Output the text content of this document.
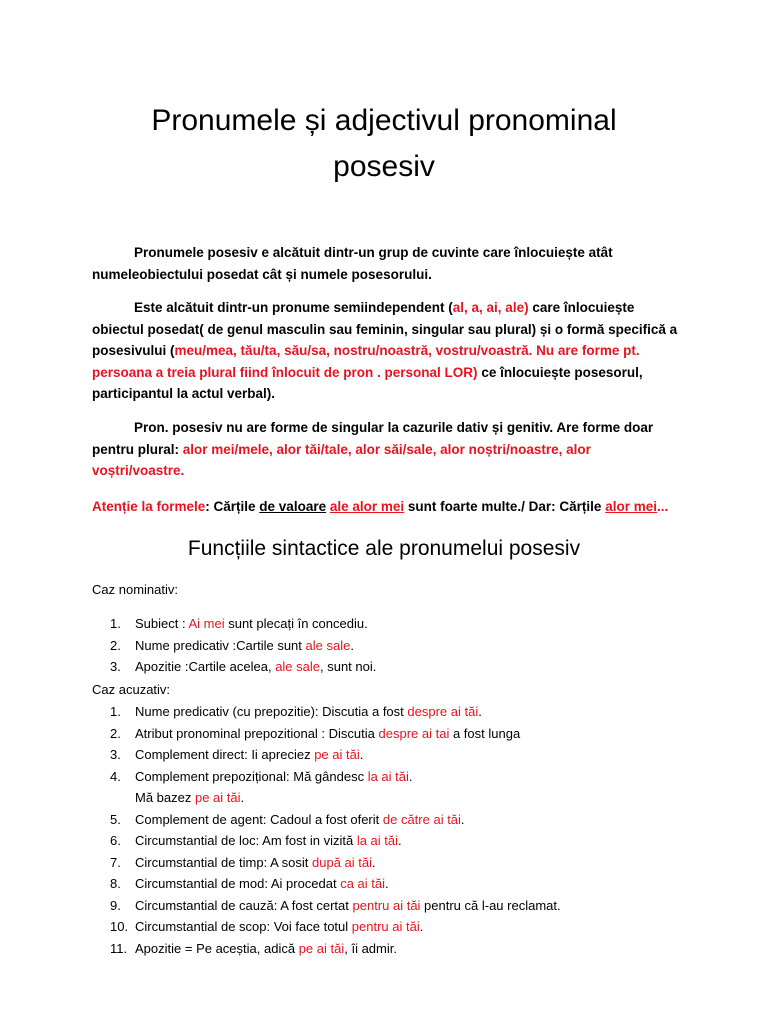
Pronumele și adjectivul pronominal
posesiv

Pronumele posesiv e alcătuit dintr-un grup de cuvinte care înlocuiește atât
numeleobiectului posedat cât și numele posesorului.

Este alcătuit dintr-un pronume semiindependent (al, a, ai, ale) care înlocuiește
obiectul posedat( de genul masculin sau feminin, singular sau plural) și o formă specifică a
posesivului (meu/mea, tău/ta, său/sa, nostru/noastră, vostru/voastră. Nu are forme pt.
persoana a treia plural fiind înlocuit de pron . personal LOR) ce înlocuiește posesorul,
participantul la actul verbal).

Pron. posesiv nu are forme de singular la cazurile dativ și genitiv. Are forme doar
pentru plural: alor mei/mele, alor tăi/tale, alor săi/sale, alor noștri/noastre, alor
voștri/voastre.

Atenție la formele: Cărțile de valoare ale alor mei sunt foarte multe./ Dar: Cărțile alor mei...

Funcțiile sintactice ale pronumelui posesiv

Caz nominativ:

1. Subiect : Ai mei sunt plecați în concediu.
2. Nume predicativ :Cartile sunt ale sale.
3. Apozitie :Cartile acelea, ale sale, sunt noi.

Caz acuzativ:

1. Nume predicativ (cu prepozitie): Discutia a fost despre ai tăi.
2. Atribut pronominal prepozitional : Discutia despre ai tai a fost lunga
3. Complement direct: Ii apreciez pe ai tăi.
4. Complement prepozițional: Mă gândesc la ai tăi.
Mă bazez pe ai tăi.
5. Complement de agent: Cadoul a fost oferit de către ai tăi.
6. Circumstantial de loc: Am fost in vizită la ai tăi.
7. Circumstantial de timp: A sosit după ai tăi.
8. Circumstantial de mod: Ai procedat ca ai tăi.
9. Circumstantial de cauză: A fost certat pentru ai tăi pentru că l-au reclamat.
10. Circumstantial de scop: Voi face totul pentru ai tăi.
11. Apozitie = Pe aceștia, adică pe ai tăi, îi admir.
